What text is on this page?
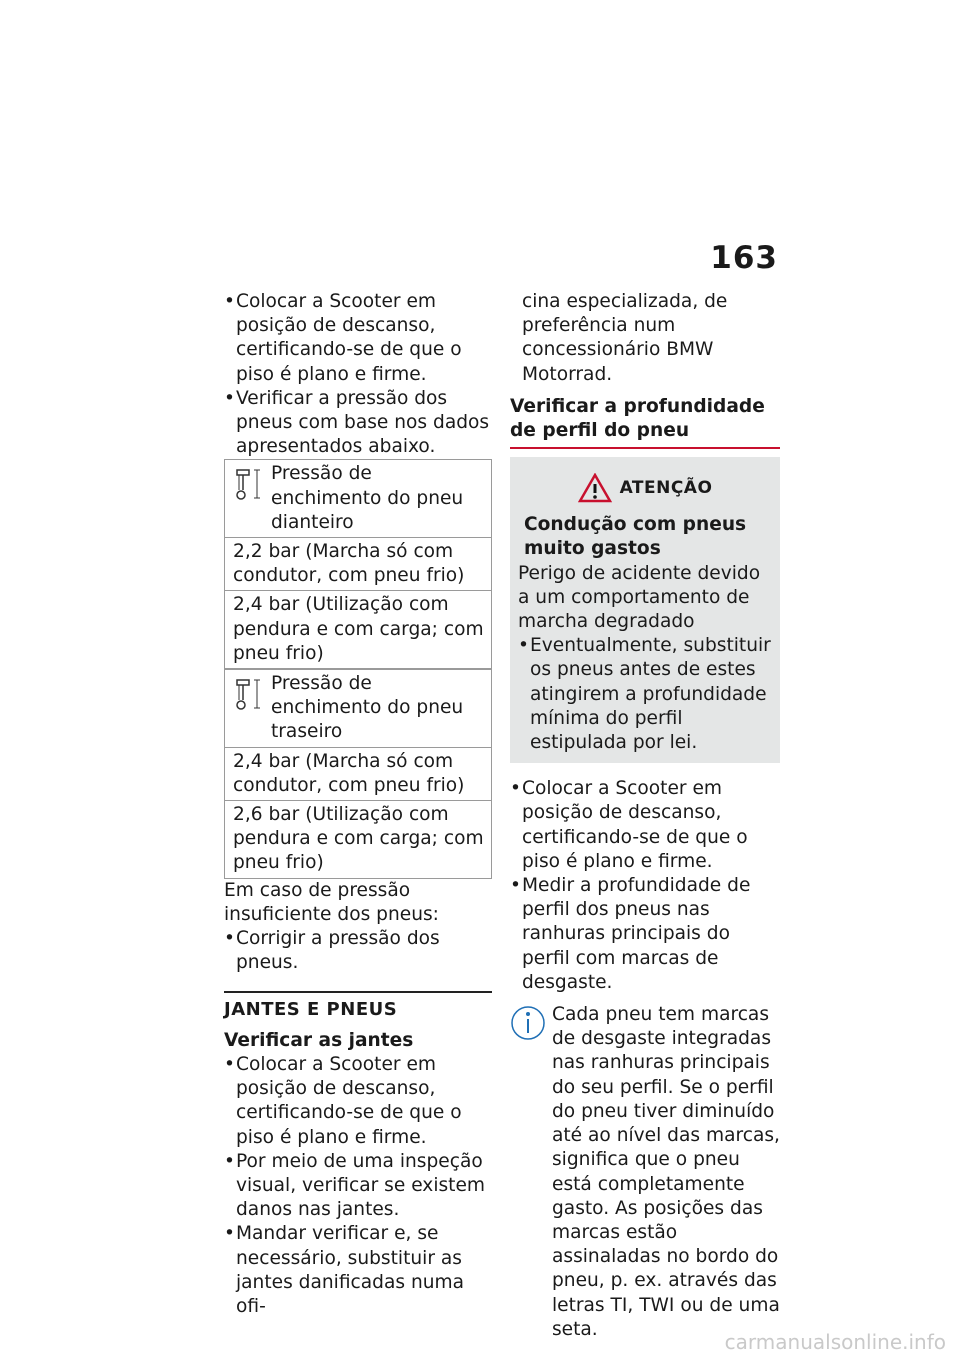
163

• Colocar a Scooter em posição de descanso, certificando-se de que o piso é plano e firme.

• Verificar a pressão dos pneus com base nos dados apresentados abaixo.

Pressão de enchimento do pneu dianteiro

2,2 bar (Marcha só com condutor, com pneu frio)
2,4 bar (Utilização com pendura e com carga; com pneu frio)
Pressão de enchimento do pneu traseiro

2,4 bar (Marcha só com condutor, com pneu frio)
2,6 bar (Utilização com pendura e com carga; com pneu frio)

Em caso de pressão insuficiente dos pneus:

• Corrigir a pressão dos pneus.

JANTES E PNEUS

Verificar as jantes

• Colocar a Scooter em posição de descanso, certificando-se de que o piso é plano e firme.

• Por meio de uma inspeção visual, verificar se existem danos nas jantes.

• Mandar verificar e, se necessário, substituir as jantes danificadas numa ofi-

cina especializada, de preferência num concessionário BMW Motorrad.

Verificar a profundidade de perfil do pneu

ATENÇÃO

Condução com pneus muito gastos

Perigo de acidente devido a um comportamento de marcha degradado

• Eventualmente, substituir os pneus antes de estes atingirem a profundidade mínima do perfil estipulada por lei.

• Colocar a Scooter em posição de descanso, certificando-se de que o piso é plano e firme.

• Medir a profundidade de perfil dos pneus nas ranhuras principais do perfil com marcas de desgaste.

Cada pneu tem marcas de desgaste integradas nas ranhuras principais do seu perfil. Se o perfil do pneu tiver diminuído até ao nível das marcas, significa que o pneu está completamente gasto. As posições das marcas estão assinaladas no bordo do pneu, p. ex. através das letras TI, TWI ou de uma seta.

carmanualsonline.info
